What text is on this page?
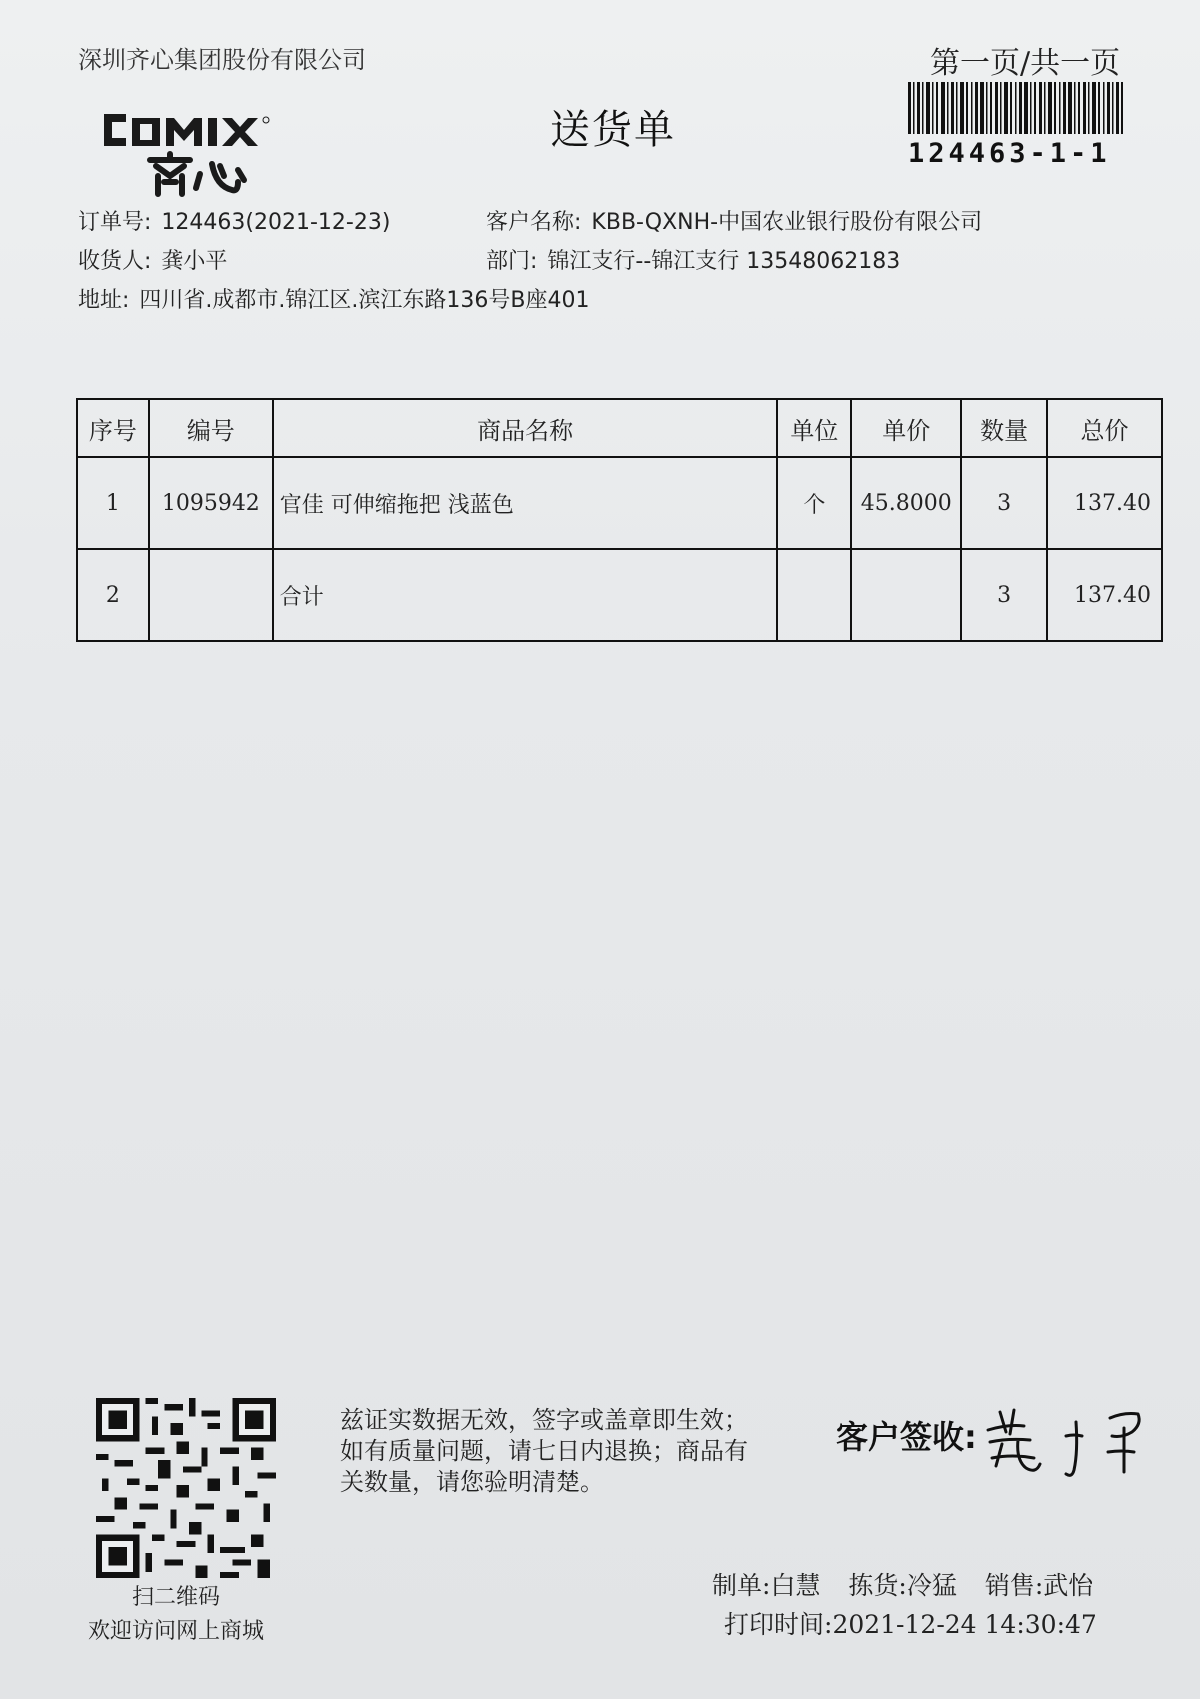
深圳齐心集团股份有限公司	第一页/共一页
送货单
124463-1-1
订单号: 124463(2021-12-23)	客户名称: KBB-QXNH-中国农业银行股份有限公司
收货人: 龚小平	部门: 锦江支行--锦江支行 13548062183
地址: 四川省.成都市.锦江区.滨江东路136号B座401
序号	编号	商品名称	单位	单价	数量	总价
1	1095942	官佳 可伸缩拖把 浅蓝色	个	45.8000	3	137.40
2		合计			3	137.40
扫二维码
欢迎访问网上商城
兹证实数据无效，签字或盖章即生效；如有质量问题，请七日内退换；商品有关数量，请您验明清楚。
客户签收:
制单:白慧 拣货:冷猛 销售:武怡
打印时间:2021-12-24 14:30:47
